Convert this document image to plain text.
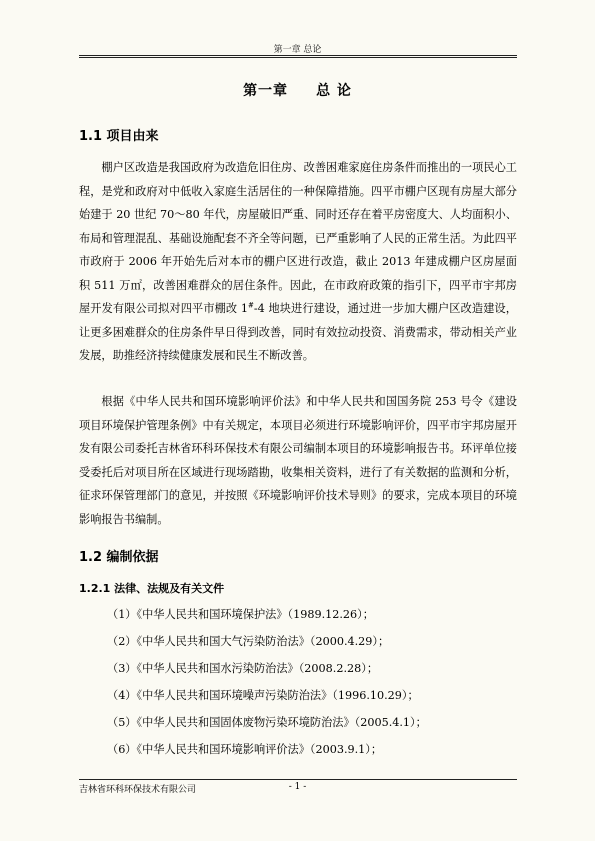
第一章 总论
第一章 总 论
1.1 项目由来

棚户区改造是我国政府为改造危旧住房、改善困难家庭住房条件而推出的一项民心工程，是党和政府对中低收入家庭生活居住的一种保障措施。四平市棚户区现有房屋大部分始建于 20 世纪 70～80 年代，房屋破旧严重、同时还存在着平房密度大、人均面积小、布局和管理混乱、基础设施配套不齐全等问题，已严重影响了人民的正常生活。为此四平市政府于 2006 年开始先后对本市的棚户区进行改造，截止 2013 年建成棚户区房屋面积 511 万㎡，改善困难群众的居住条件。因此，在市政府政策的指引下，四平市宇邦房屋开发有限公司拟对四平市棚改 1#-4 地块进行建设，通过进一步加大棚户区改造建设，让更多困难群众的住房条件早日得到改善，同时有效拉动投资、消费需求，带动相关产业发展，助推经济持续健康发展和民生不断改善。

根据《中华人民共和国环境影响评价法》和中华人民共和国国务院 253 号令《建设项目环境保护管理条例》中有关规定，本项目必须进行环境影响评价，四平市宇邦房屋开发有限公司委托吉林省环科环保技术有限公司编制本项目的环境影响报告书。环评单位接受委托后对项目所在区域进行现场踏勘，收集相关资料，进行了有关数据的监测和分析，征求环保管理部门的意见，并按照《环境影响评价技术导则》的要求，完成本项目的环境影响报告书编制。

1.2 编制依据
1.2.1 法律、法规及有关文件
（1）《中华人民共和国环境保护法》（1989.12.26）；
（2）《中华人民共和国大气污染防治法》（2000.4.29）；
（3）《中华人民共和国水污染防治法》（2008.2.28）；
（4）《中华人民共和国环境噪声污染防治法》（1996.10.29）；
（5）《中华人民共和国固体废物污染环境防治法》（2005.4.1）；
（6）《中华人民共和国环境影响评价法》（2003.9.1）；
吉林省环科环保技术有限公司	- 1 -
